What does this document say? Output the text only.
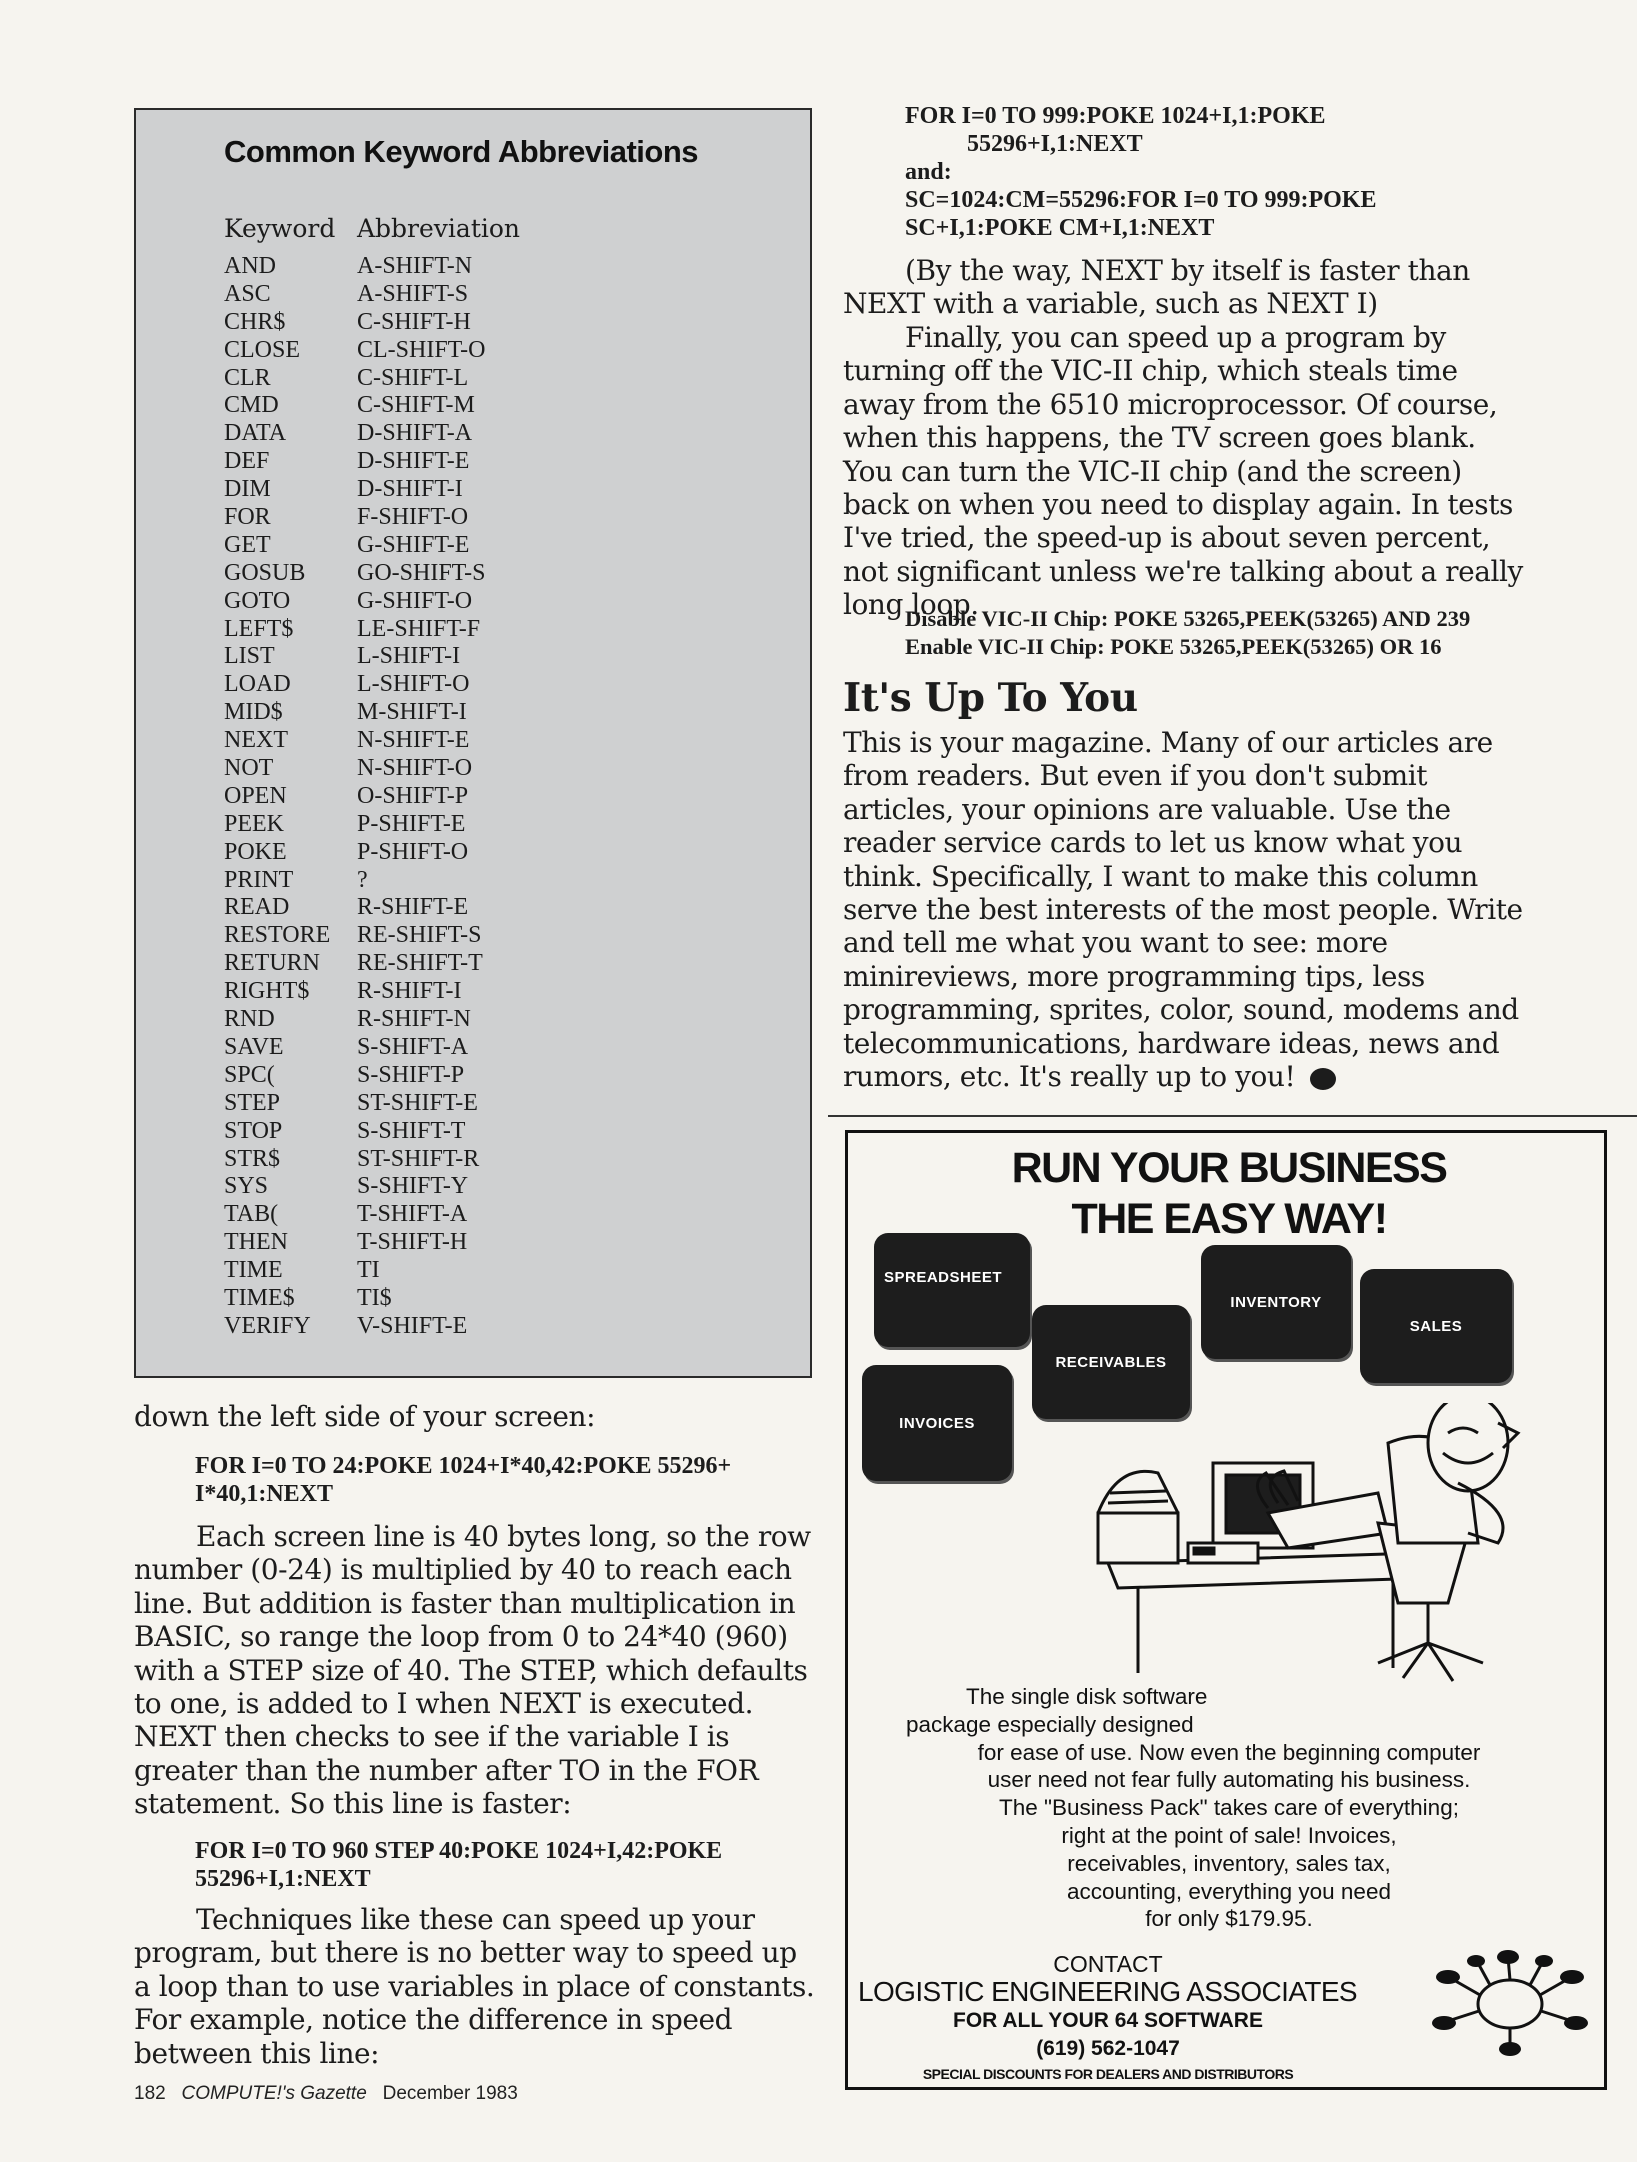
Common Keyword Abbreviations
Keyword Abbreviation
AND	A-SHIFT-N
ASC	A-SHIFT-S
CHR$	C-SHIFT-H
CLOSE CL-SHIFT-O
CLR	C-SHIFT-L
CMD	C-SHIFT-M
DATA	D-SHIFT-A
DEF	D-SHIFT-E
DIM	D-SHIFT-I
FOR	F-SHIFT-O
GET	G-SHIFT-E
GOSUB GO-SHIFT-S
GOTO	G-SHIFT-O
LEFT$	LE-SHIFT-F
LIST	L-SHIFT-I
LOAD	L-SHIFT-O
MID$	M-SHIFT-I
NEXT	N-SHIFT-E
NOT	N-SHIFT-O
OPEN	O-SHIFT-P
PEEK	P-SHIFT-E
POKE	P-SHIFT-O
PRINT	?
READ	R-SHIFT-E
RESTORE RE-SHIFT-S
RETURN RE-SHIFT-T
RIGHT$ R-SHIFT-I
RND	R-SHIFT-N
SAVE	S-SHIFT-A
SPC(	S-SHIFT-P
STEP	ST-SHIFT-E
STOP	S-SHIFT-T
STR$	ST-SHIFT-R
SYS	S-SHIFT-Y
TAB(	T-SHIFT-A
THEN	T-SHIFT-H
TIME	TI
TIME$	TI$
VERIFY V-SHIFT-E
down the left side of your screen:
FOR I=0 TO 24:POKE 1024+I*40,42:POKE 55296+
I*40,1:NEXT
Each screen line is 40 bytes long, so the row number (0-24) is multiplied by 40 to reach each line. But addition is faster than multiplication in BASIC, so range the loop from 0 to 24*40 (960) with a STEP size of 40. The STEP, which defaults to one, is added to I when NEXT is executed. NEXT then checks to see if the variable I is greater than the number after TO in the FOR statement. So this line is faster:
FOR I=0 TO 960 STEP 40:POKE 1024+I,42:POKE
55296+I,1:NEXT
Techniques like these can speed up your program, but there is no better way to speed up a loop than to use variables in place of constants. For example, notice the difference in speed between this line:
FOR I=0 TO 999:POKE 1024+I,1:POKE
55296+I,1:NEXT
and:
SC=1024:CM=55296:FOR I=0 TO 999:POKE
SC+I,1:POKE CM+I,1:NEXT
(By the way, NEXT by itself is faster than NEXT with a variable, such as NEXT I)
Finally, you can speed up a program by turning off the VIC-II chip, which steals time away from the 6510 microprocessor. Of course, when this happens, the TV screen goes blank. You can turn the VIC-II chip (and the screen) back on when you need to display again. In tests I've tried, the speed-up is about seven percent, not significant unless we're talking about a really long loop.
Disable VIC-II Chip: POKE 53265,PEEK(53265) AND 239
Enable VIC-II Chip: POKE 53265,PEEK(53265) OR 16
It's Up To You
This is your magazine. Many of our articles are from readers. But even if you don't submit articles, your opinions are valuable. Use the reader service cards to let us know what you think. Specifically, I want to make this column serve the best interests of the most people. Write and tell me what you want to see: more minireviews, more programming tips, less programming, sprites, color, sound, modems and telecommunications, hardware ideas, news and rumors, etc. It's really up to you!
RUN YOUR BUSINESS
THE EASY WAY!
SPREADSHEET
INVENTORY
SALES
RECEIVABLES
INVOICES
The single disk software
package especially designed
for ease of use. Now even the beginning computer
user need not fear fully automating his business.
The "Business Pack" takes care of everything;
right at the point of sale! Invoices,
receivables, inventory, sales tax,
accounting, everything you need
for only $179.95.
CONTACT
LOGISTIC ENGINEERING ASSOCIATES
FOR ALL YOUR 64 SOFTWARE
(619) 562-1047
SPECIAL DISCOUNTS FOR DEALERS AND DISTRIBUTORS
182 COMPUTE!'s Gazette December 1983
